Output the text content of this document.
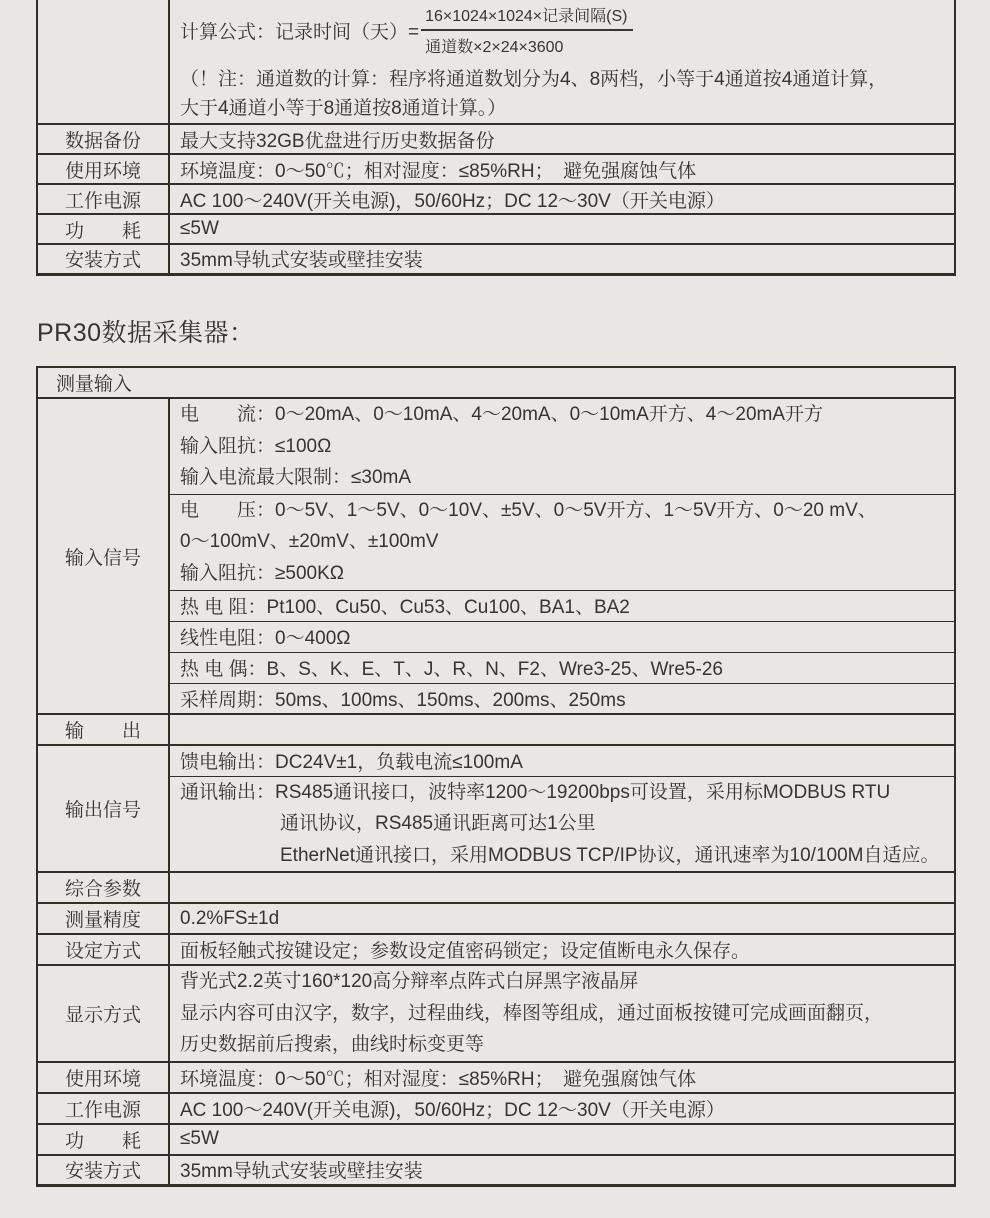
	计算公式：记录时间（天）= $\frac{\text{16×1024×1024×记录间隔(S)}}{\text{通道数×2×24×3600}}$
（！注：通道数的计算：程序将通道数划分为4、8两档，小等于4通道按4通道计算，
大于4通道小等于8通道按8通道计算。）

数据备份	最大支持32GB优盘进行历史数据备份
使用环境	环境温度：0～50℃；相对湿度：≤85%RH；　避免强腐蚀气体
工作电源	AC 100～240V(开关电源)，50/60Hz；DC 12～30V（开关电源）
功　　耗	≤5W
安装方式	35mm导轨式安装或壁挂安装
PR30数据采集器：
测量输入	
输入信号	电　　流：0～20mA、0～10mA、4～20mA、0～10mA开方、4～20mA开方
输入阻抗：≤100Ω
输入电流最大限制：≤30mA

	电　　压：0～5V、1～5V、0～10V、±5V、0～5V开方、1～5V开方、0～20 mV、
0～100mV、±20mV、±100mV
输入阻抗：≥500KΩ

	热 电 阻：Pt100、Cu50、Cu53、Cu100、BA1、BA2
	线性电阻：0～400Ω
	热 电 偶：B、S、K、E、T、J、R、N、F2、Wre3-25、Wre5-26
	采样周期：50ms、100ms、150ms、200ms、250ms
输　　出	
输出信号	馈电输出：DC24V±1，负载电流≤100mA

	通讯输出：RS485通讯接口，波特率1200～19200bps可设置，采用标MODBUS RTU
通讯协议，RS485通讯距离可达1公里
EtherNet通讯接口，采用MODBUS TCP/IP协议，通讯速率为10/100M自适应。

综合参数	
测量精度	0.2%FS±1d
设定方式	面板轻触式按键设定；参数设定值密码锁定；设定值断电永久保存。
显示方式	背光式2.2英寸160*120高分辩率点阵式白屏黑字液晶屏
显示内容可由汉字，数字，过程曲线，棒图等组成，通过面板按键可完成画面翻页，
历史数据前后搜索，曲线时标变更等

使用环境	环境温度：0～50℃；相对湿度：≤85%RH；　避免强腐蚀气体
工作电源	AC 100～240V(开关电源)，50/60Hz；DC 12～30V（开关电源）
功　　耗	≤5W
安装方式	35mm导轨式安装或壁挂安装
